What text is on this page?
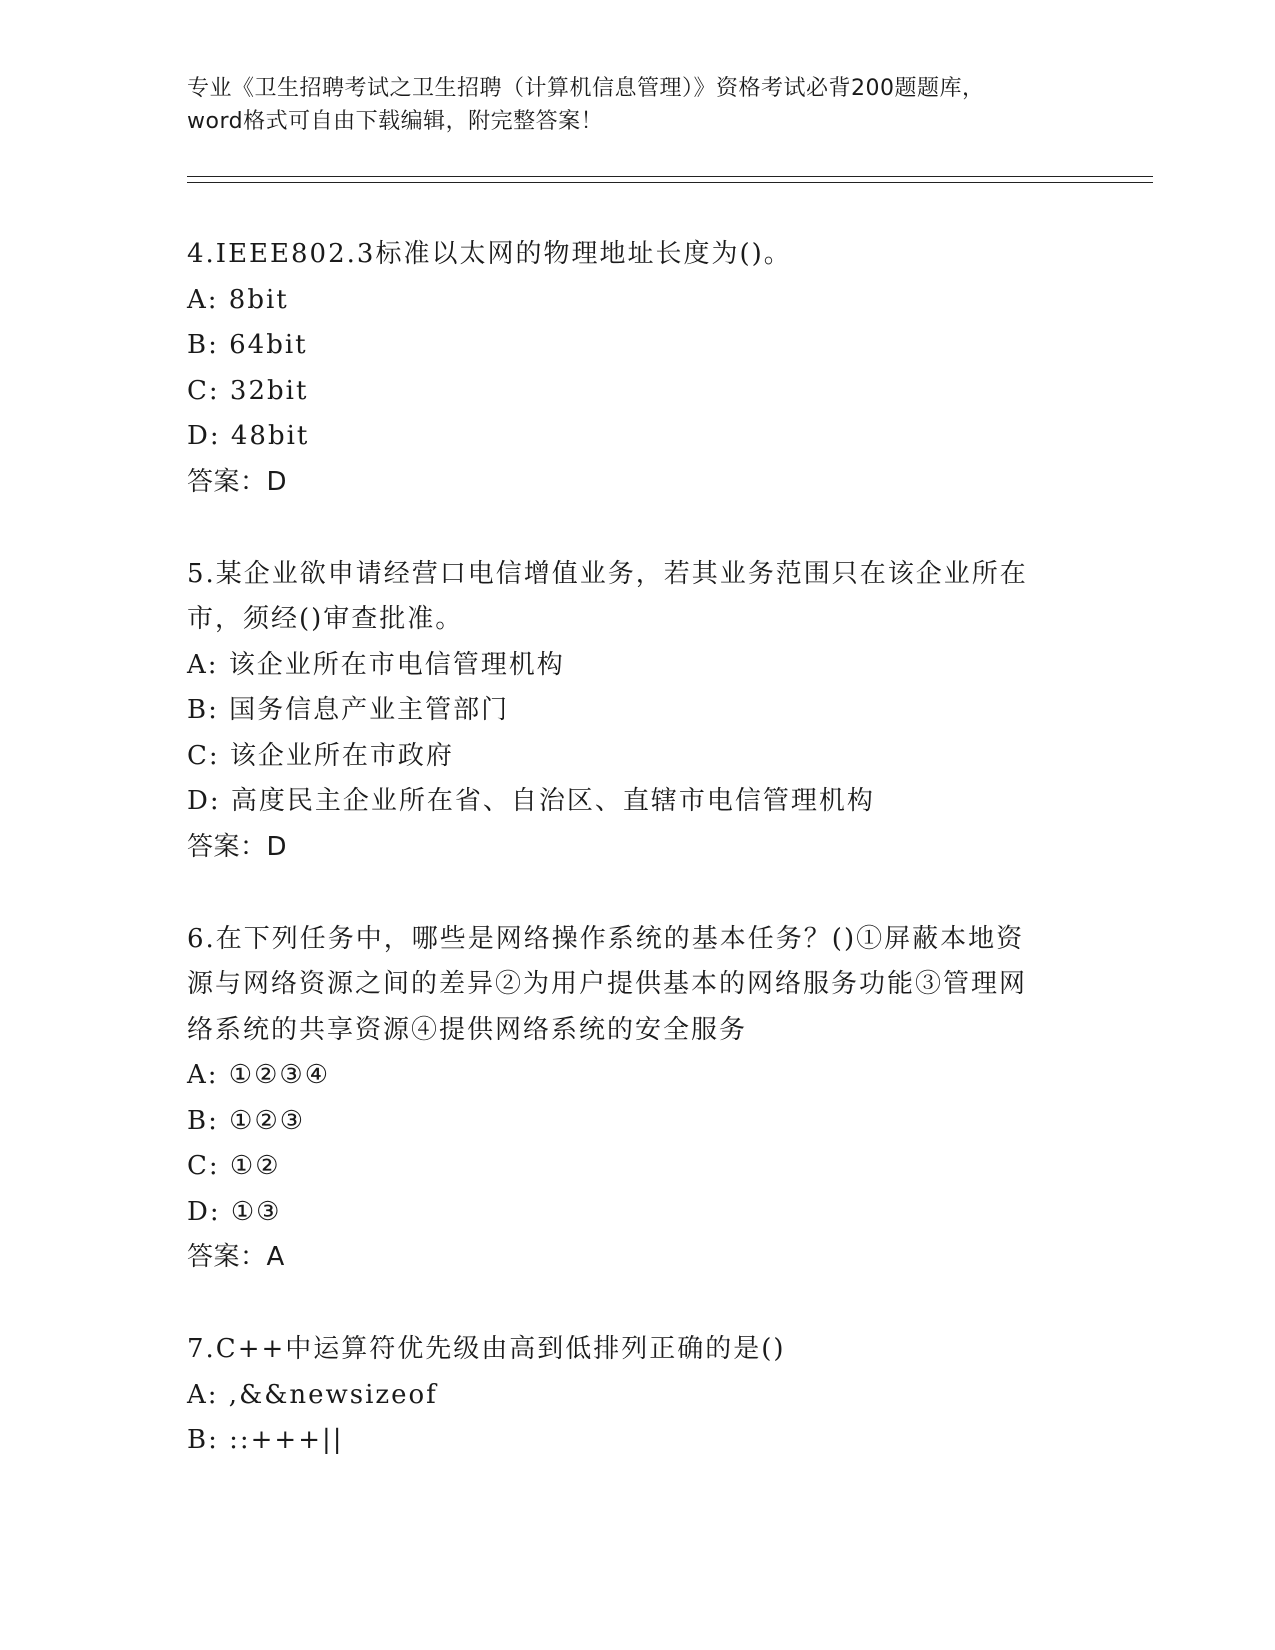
专业《卫生招聘考试之卫生招聘（计算机信息管理）》资格考试必背200题题库，
word格式可自由下载编辑，附完整答案！
4.IEEE802.3标准以太网的物理地址长度为()。
A: 8bit
B: 64bit
C: 32bit
D: 48bit
答案：D
5.某企业欲申请经营口电信增值业务，若其业务范围只在该企业所在
市，须经()审查批准。
A: 该企业所在市电信管理机构
B: 国务信息产业主管部门
C: 该企业所在市政府
D: 高度民主企业所在省、自治区、直辖市电信管理机构
答案：D
6.在下列任务中，哪些是网络操作系统的基本任务？()①屏蔽本地资
源与网络资源之间的差异②为用户提供基本的网络服务功能③管理网
络系统的共享资源④提供网络系统的安全服务
A: ①②③④
B: ①②③
C: ①②
D: ①③
答案：A
7.C++中运算符优先级由高到低排列正确的是()
A: ,&&newsizeof
B: ::+++||
